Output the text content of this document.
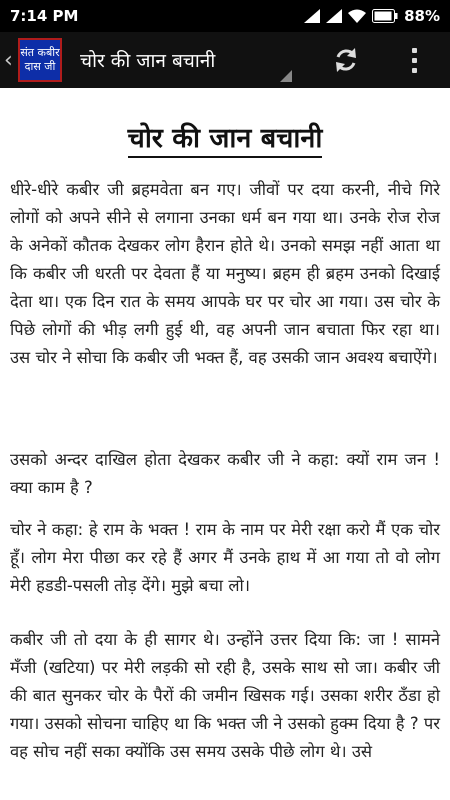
7:14 PM	88%
‹ संत कबीर
दास जी चोर की जान बचानी
चोर की जान बचानी

धीरे-धीरे कबीर जी ब्रहमवेता बन गए। जीवों पर दया करनी, नीचे गिरे लोगों को अपने सीने से लगाना उनका धर्म बन गया था। उनके रोज रोज के अनेकों कौतक देखकर लोग हैरान होते थे। उनको समझ नहीं आता था कि कबीर जी धरती पर देवता हैं या मनुष्य। ब्रहम ही ब्रहम उनको दिखाई देता था। एक दिन रात के समय आपके घर पर चोर आ गया। उस चोर के पिछे लोगों की भीड़ लगी हुई थी, वह अपनी जान बचाता फिर रहा था। उस चोर ने सोचा कि कबीर जी भक्त हैं, वह उसकी जान अवश्य बचाऐंगे।

उसको अन्दर दाखिल होता देखकर कबीर जी ने कहा: क्यों राम जन ! क्या काम है ?

चोर ने कहा: हे राम के भक्त ! राम के नाम पर मेरी रक्षा करो मैं एक चोर हूँ। लोग मेरा पीछा कर रहे हैं अगर मैं उनके हाथ में आ गया तो वो लोग मेरी हडडी-पसली तोड़ देंगे। मुझे बचा लो।

कबीर जी तो दया के ही सागर थे। उन्होंने उत्तर दिया कि: जा ! सामने मँजी (खटिया) पर मेरी लड़की सो रही है, उसके साथ सो जा। कबीर जी की बात सुनकर चोर के पैरों की जमीन खिसक गई। उसका शरीर ठँडा हो गया। उसको सोचना चाहिए था कि भक्त जी ने उसको हुक्म दिया है ? पर वह सोच नहीं सका क्योंकि उस समय उसके पीछे लोग थे। उसे
